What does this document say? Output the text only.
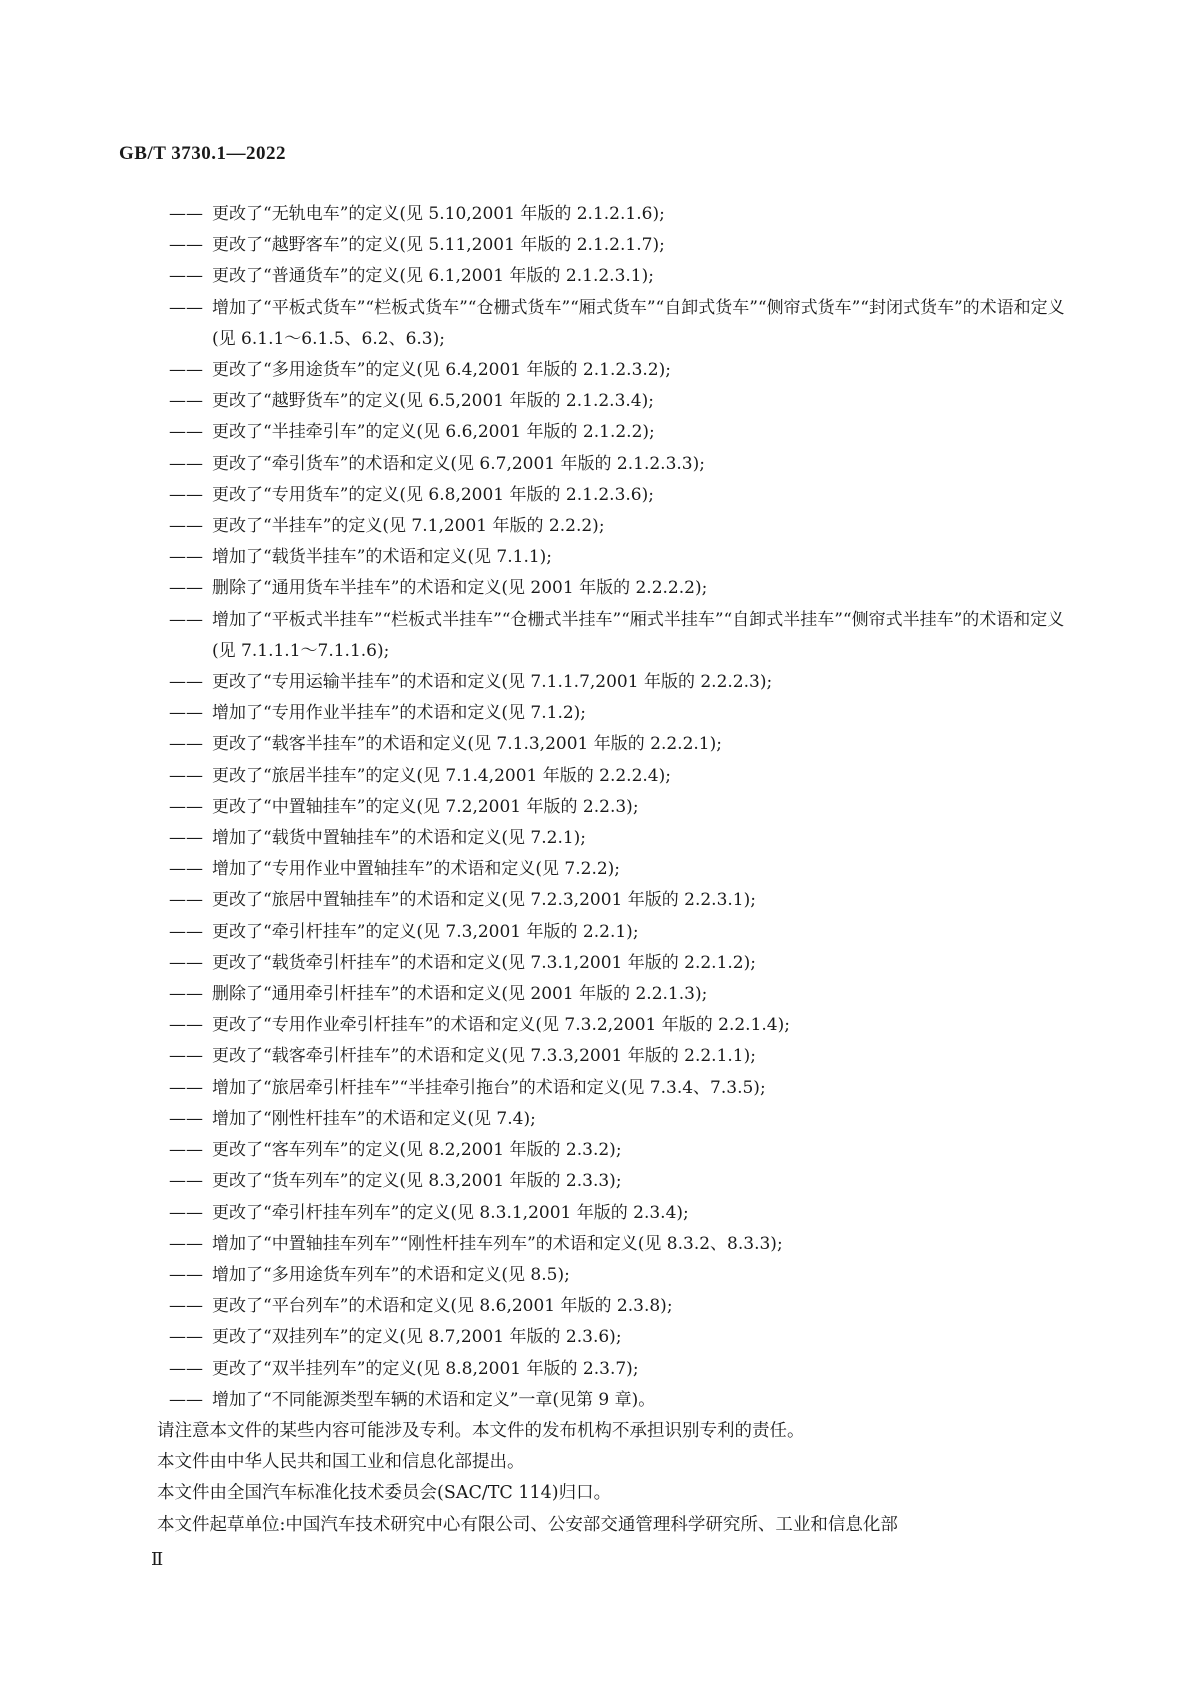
GB/T 3730.1—2022
—— 更改了“无轨电车”的定义(见 5.10,2001 年版的 2.1.2.1.6);
—— 更改了“越野客车”的定义(见 5.11,2001 年版的 2.1.2.1.7);
—— 更改了“普通货车”的定义(见 6.1,2001 年版的 2.1.2.3.1);
—— 增加了“平板式货车”“栏板式货车”“仓栅式货车”“厢式货车”“自卸式货车”“侧帘式货车”“封闭式货车”的术语和定义(见 6.1.1～6.1.5、6.2、6.3);
—— 更改了“多用途货车”的定义(见 6.4,2001 年版的 2.1.2.3.2);
—— 更改了“越野货车”的定义(见 6.5,2001 年版的 2.1.2.3.4);
—— 更改了“半挂牵引车”的定义(见 6.6,2001 年版的 2.1.2.2);
—— 更改了“牵引货车”的术语和定义(见 6.7,2001 年版的 2.1.2.3.3);
—— 更改了“专用货车”的定义(见 6.8,2001 年版的 2.1.2.3.6);
—— 更改了“半挂车”的定义(见 7.1,2001 年版的 2.2.2);
—— 增加了“载货半挂车”的术语和定义(见 7.1.1);
—— 删除了“通用货车半挂车”的术语和定义(见 2001 年版的 2.2.2.2);
—— 增加了“平板式半挂车”“栏板式半挂车”“仓栅式半挂车”“厢式半挂车”“自卸式半挂车”“侧帘式半挂车”的术语和定义(见 7.1.1.1～7.1.1.6);
—— 更改了“专用运输半挂车”的术语和定义(见 7.1.1.7,2001 年版的 2.2.2.3);
—— 增加了“专用作业半挂车”的术语和定义(见 7.1.2);
—— 更改了“载客半挂车”的术语和定义(见 7.1.3,2001 年版的 2.2.2.1);
—— 更改了“旅居半挂车”的定义(见 7.1.4,2001 年版的 2.2.2.4);
—— 更改了“中置轴挂车”的定义(见 7.2,2001 年版的 2.2.3);
—— 增加了“载货中置轴挂车”的术语和定义(见 7.2.1);
—— 增加了“专用作业中置轴挂车”的术语和定义(见 7.2.2);
—— 更改了“旅居中置轴挂车”的术语和定义(见 7.2.3,2001 年版的 2.2.3.1);
—— 更改了“牵引杆挂车”的定义(见 7.3,2001 年版的 2.2.1);
—— 更改了“载货牵引杆挂车”的术语和定义(见 7.3.1,2001 年版的 2.2.1.2);
—— 删除了“通用牵引杆挂车”的术语和定义(见 2001 年版的 2.2.1.3);
—— 更改了“专用作业牵引杆挂车”的术语和定义(见 7.3.2,2001 年版的 2.2.1.4);
—— 更改了“载客牵引杆挂车”的术语和定义(见 7.3.3,2001 年版的 2.2.1.1);
—— 增加了“旅居牵引杆挂车”“半挂牵引拖台”的术语和定义(见 7.3.4、7.3.5);
—— 增加了“刚性杆挂车”的术语和定义(见 7.4);
—— 更改了“客车列车”的定义(见 8.2,2001 年版的 2.3.2);
—— 更改了“货车列车”的定义(见 8.3,2001 年版的 2.3.3);
—— 更改了“牵引杆挂车列车”的定义(见 8.3.1,2001 年版的 2.3.4);
—— 增加了“中置轴挂车列车”“刚性杆挂车列车”的术语和定义(见 8.3.2、8.3.3);
—— 增加了“多用途货车列车”的术语和定义(见 8.5);
—— 更改了“平台列车”的术语和定义(见 8.6,2001 年版的 2.3.8);
—— 更改了“双挂列车”的定义(见 8.7,2001 年版的 2.3.6);
—— 更改了“双半挂列车”的定义(见 8.8,2001 年版的 2.3.7);
—— 增加了“不同能源类型车辆的术语和定义”一章(见第 9 章)。
请注意本文件的某些内容可能涉及专利。本文件的发布机构不承担识别专利的责任。
本文件由中华人民共和国工业和信息化部提出。
本文件由全国汽车标准化技术委员会(SAC/TC 114)归口。
本文件起草单位:中国汽车技术研究中心有限公司、公安部交通管理科学研究所、工业和信息化部
Ⅱ
